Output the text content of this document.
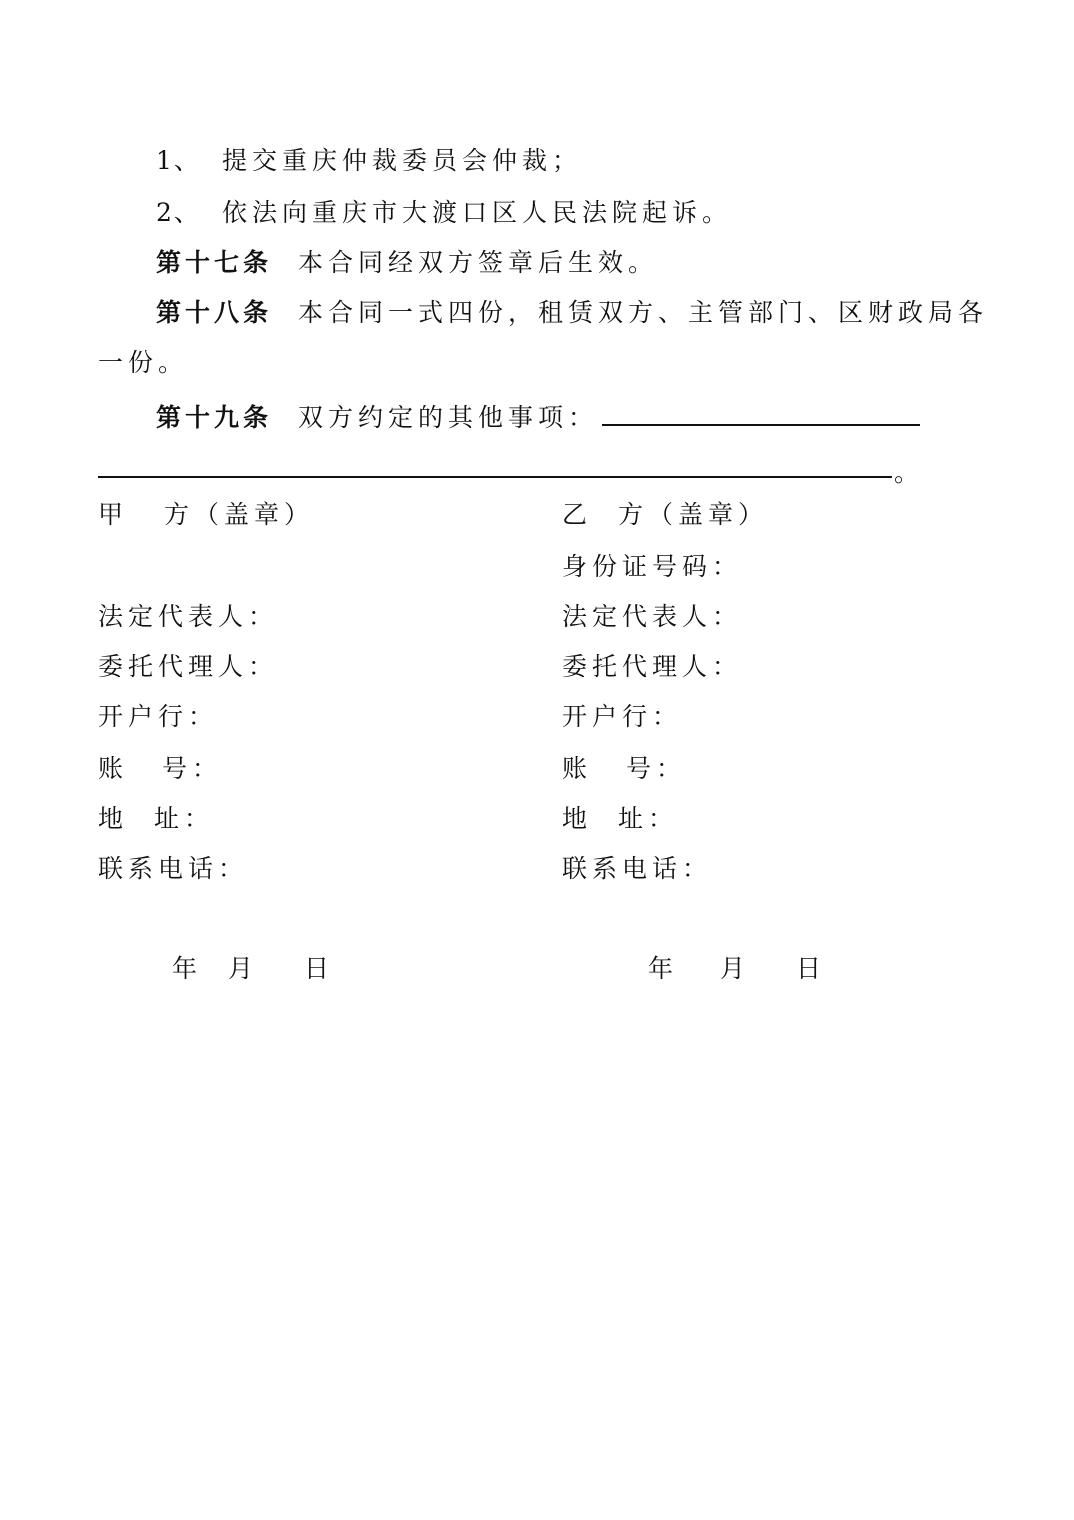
1、 提交重庆仲裁委员会仲裁；
2、 依法向重庆市大渡口区人民法院起诉。
第十七条 本合同经双方签章后生效。
第十八条 本合同一式四份，租赁双方、主管部门、区财政局各
一份。
第十九条 双方约定的其他事项：
。
甲 方（盖章）
法定代表人：
委托代理人：
开户行：
账 号：
地 址：
联系电话：
乙 方（盖章）
身份证号码：
法定代表人：
委托代理人：
开户行：
账 号：
地 址：
联系电话：
年 月 日	年 月 日
